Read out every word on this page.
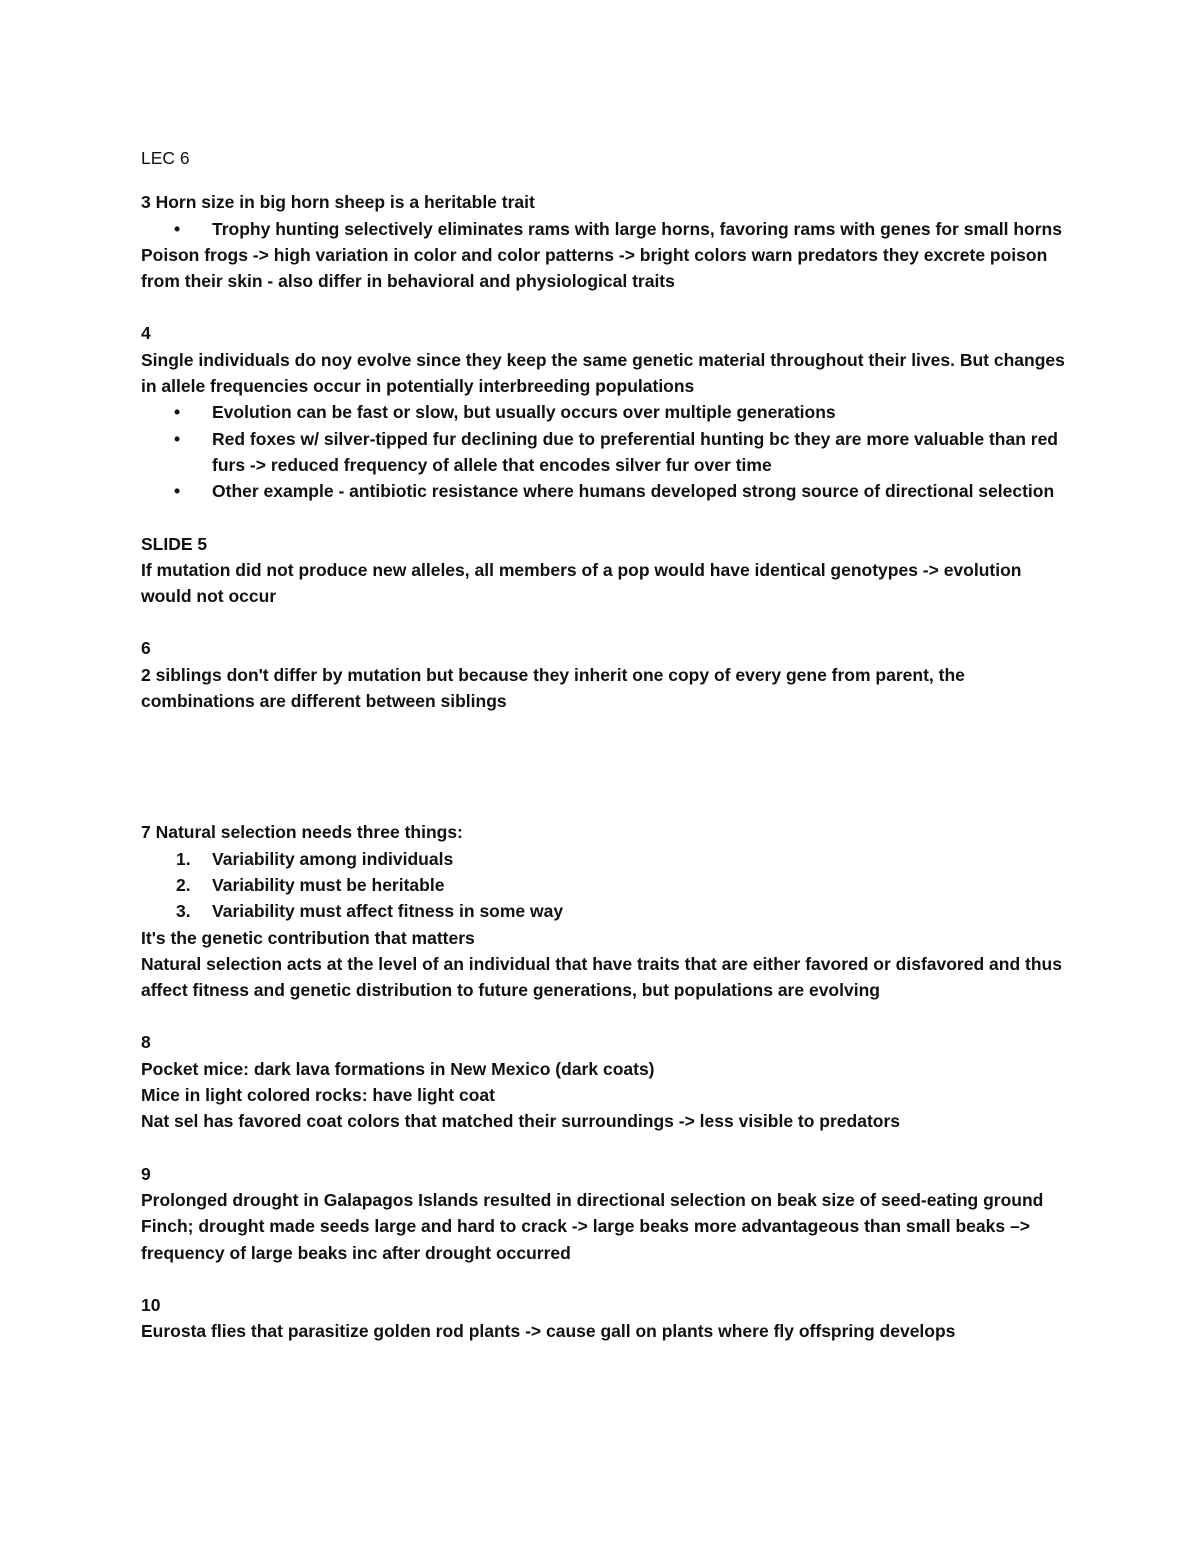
LEC 6

3 Horn size in big horn sheep is a heritable trait

• Trophy hunting selectively eliminates rams with large horns, favoring rams with genes for small horns

Poison frogs -> high variation in color and color patterns -> bright colors warn predators they excrete poison from their skin - also differ in behavioral and physiological traits

4

Single individuals do noy evolve since they keep the same genetic material throughout their lives. But changes in allele frequencies occur in potentially interbreeding populations

• Evolution can be fast or slow, but usually occurs over multiple generations
• Red foxes w/ silver-tipped fur declining due to preferential hunting bc they are more valuable than red furs -> reduced frequency of allele that encodes silver fur over time
• Other example - antibiotic resistance where humans developed strong source of directional selection

SLIDE 5

If mutation did not produce new alleles, all members of a pop would have identical genotypes -> evolution would not occur

6

2 siblings don't differ by mutation but because they inherit one copy of every gene from parent, the combinations are different between siblings

7 Natural selection needs three things:

1. Variability among individuals
2. Variability must be heritable
3. Variability must affect fitness in some way

It's the genetic contribution that matters

Natural selection acts at the level of an individual that have traits that are either favored or disfavored and thus affect fitness and genetic distribution to future generations, but populations are evolving

8

Pocket mice: dark lava formations in New Mexico (dark coats)

Mice in light colored rocks: have light coat

Nat sel has favored coat colors that matched their surroundings -> less visible to predators

9

Prolonged drought in Galapagos Islands resulted in directional selection on beak size of seed-eating ground Finch; drought made seeds large and hard to crack -> large beaks more advantageous than small beaks –> frequency of large beaks inc after drought occurred

10

Eurosta flies that parasitize golden rod plants -> cause gall on plants where fly offspring develops
